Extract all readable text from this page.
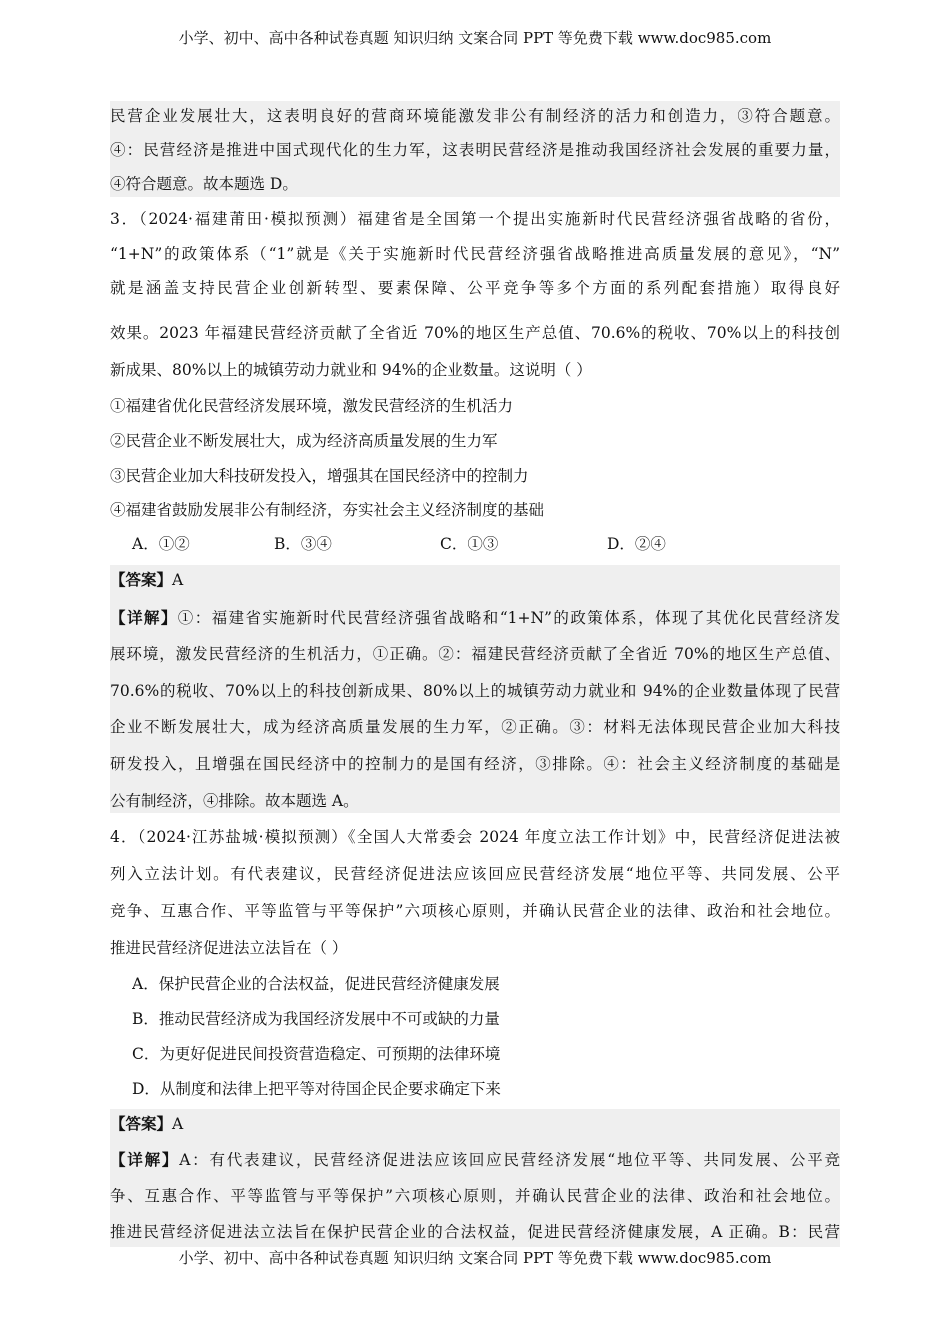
小学、初中、高中各种试卷真题 知识归纳 文案合同 PPT 等免费下载 www.doc985.com
民营企业发展壮大，这表明良好的营商环境能激发非公有制经济的活力和创造力，③符合题意。
④：民营经济是推进中国式现代化的生力军，这表明民营经济是推动我国经济社会发展的重要力量，
④符合题意。故本题选 D。
3．（2024·福建莆田·模拟预测）福建省是全国第一个提出实施新时代民营经济强省战略的省份，
“1+N”的政策体系（“1”就是《关于实施新时代民营经济强省战略推进高质量发展的意见》，“N”
就是涵盖支持民营企业创新转型、要素保障、公平竞争等多个方面的系列配套措施）取得良好
效果。2023 年福建民营经济贡献了全省近 70%的地区生产总值、70.6%的税收、70%以上的科技创
新成果、80%以上的城镇劳动力就业和 94%的企业数量。这说明（ ）
①福建省优化民营经济发展环境，激发民营经济的生机活力
②民营企业不断发展壮大，成为经济高质量发展的生力军
③民营企业加大科技研发投入，增强其在国民经济中的控制力
④福建省鼓励发展非公有制经济，夯实社会主义经济制度的基础
A．①②	B．③④	C．①③	D．②④
【答案】A
【详解】①：福建省实施新时代民营经济强省战略和“1+N”的政策体系，体现了其优化民营经济发
展环境，激发民营经济的生机活力，①正确。②：福建民营经济贡献了全省近 70%的地区生产总值、
70.6%的税收、70%以上的科技创新成果、80%以上的城镇劳动力就业和 94%的企业数量体现了民营
企业不断发展壮大，成为经济高质量发展的生力军，②正确。③：材料无法体现民营企业加大科技
研发投入，且增强在国民经济中的控制力的是国有经济，③排除。④：社会主义经济制度的基础是
公有制经济，④排除。故本题选 A。
4．（2024·江苏盐城·模拟预测）《全国人大常委会 2024 年度立法工作计划》中，民营经济促进法被
列入立法计划。有代表建议，民营经济促进法应该回应民营经济发展“地位平等、共同发展、公平
竞争、互惠合作、平等监管与平等保护”六项核心原则，并确认民营企业的法律、政治和社会地位。
推进民营经济促进法立法旨在（ ）
A．保护民营企业的合法权益，促进民营经济健康发展
B．推动民营经济成为我国经济发展中不可或缺的力量
C．为更好促进民间投资营造稳定、可预期的法律环境
D．从制度和法律上把平等对待国企民企要求确定下来
【答案】A
【详解】A：有代表建议，民营经济促进法应该回应民营经济发展“地位平等、共同发展、公平竞
争、互惠合作、平等监管与平等保护”六项核心原则，并确认民营企业的法律、政治和社会地位。
推进民营经济促进法立法旨在保护民营企业的合法权益，促进民营经济健康发展，A 正确。B：民营
小学、初中、高中各种试卷真题 知识归纳 文案合同 PPT 等免费下载 www.doc985.com
